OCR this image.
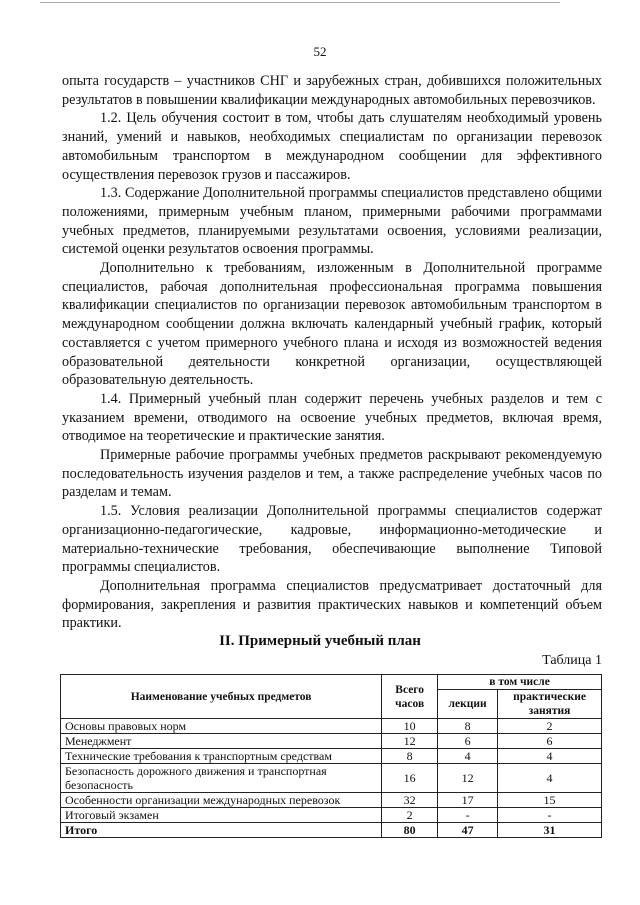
52

опыта государств – участников СНГ и зарубежных стран, добившихся положительных результатов в повышении квалификации международных автомобильных перевозчиков.

1.2. Цель обучения состоит в том, чтобы дать слушателям необходимый уровень знаний, умений и навыков, необходимых специалистам по организации перевозок автомобильным транспортом в международном сообщении для эффективного осуществления перевозок грузов и пассажиров.

1.3. Содержание Дополнительной программы специалистов представлено общими положениями, примерным учебным планом, примерными рабочими программами учебных предметов, планируемыми результатами освоения, условиями реализации, системой оценки результатов освоения программы.

Дополнительно к требованиям, изложенным в Дополнительной программе специалистов, рабочая дополнительная профессиональная программа повышения квалификации специалистов по организации перевозок автомобильным транспортом в международном сообщении должна включать календарный учебный график, который составляется с учетом примерного учебного плана и исходя из возможностей ведения образовательной деятельности конкретной организации, осуществляющей образовательную деятельность.

1.4. Примерный учебный план содержит перечень учебных разделов и тем с указанием времени, отводимого на освоение учебных предметов, включая время, отводимое на теоретические и практические занятия.

Примерные рабочие программы учебных предметов раскрывают рекомендуемую последовательность изучения разделов и тем, а также распределение учебных часов по разделам и темам.

1.5. Условия реализации Дополнительной программы специалистов содержат организационно-педагогические, кадровые, информационно-методические и материально-технические требования, обеспечивающие выполнение Типовой программы специалистов.

Дополнительная программа специалистов предусматривает достаточный для формирования, закрепления и развития практических навыков и компетенций объем практики.

II. Примерный учебный план
Таблица 1
Наименование учебных предметов	Всего часов	в том числе	
		лекции	практические занятия
Основы правовых норм	10	8	2
Менеджмент	12	6	6
Технические требования к транспортным средствам	8	4	4
Безопасность дорожного движения и транспортная безопасность	16	12	4
Особенности организации международных перевозок	32	17	15
Итоговый экзамен	2	-	-
Итого	80	47	31
